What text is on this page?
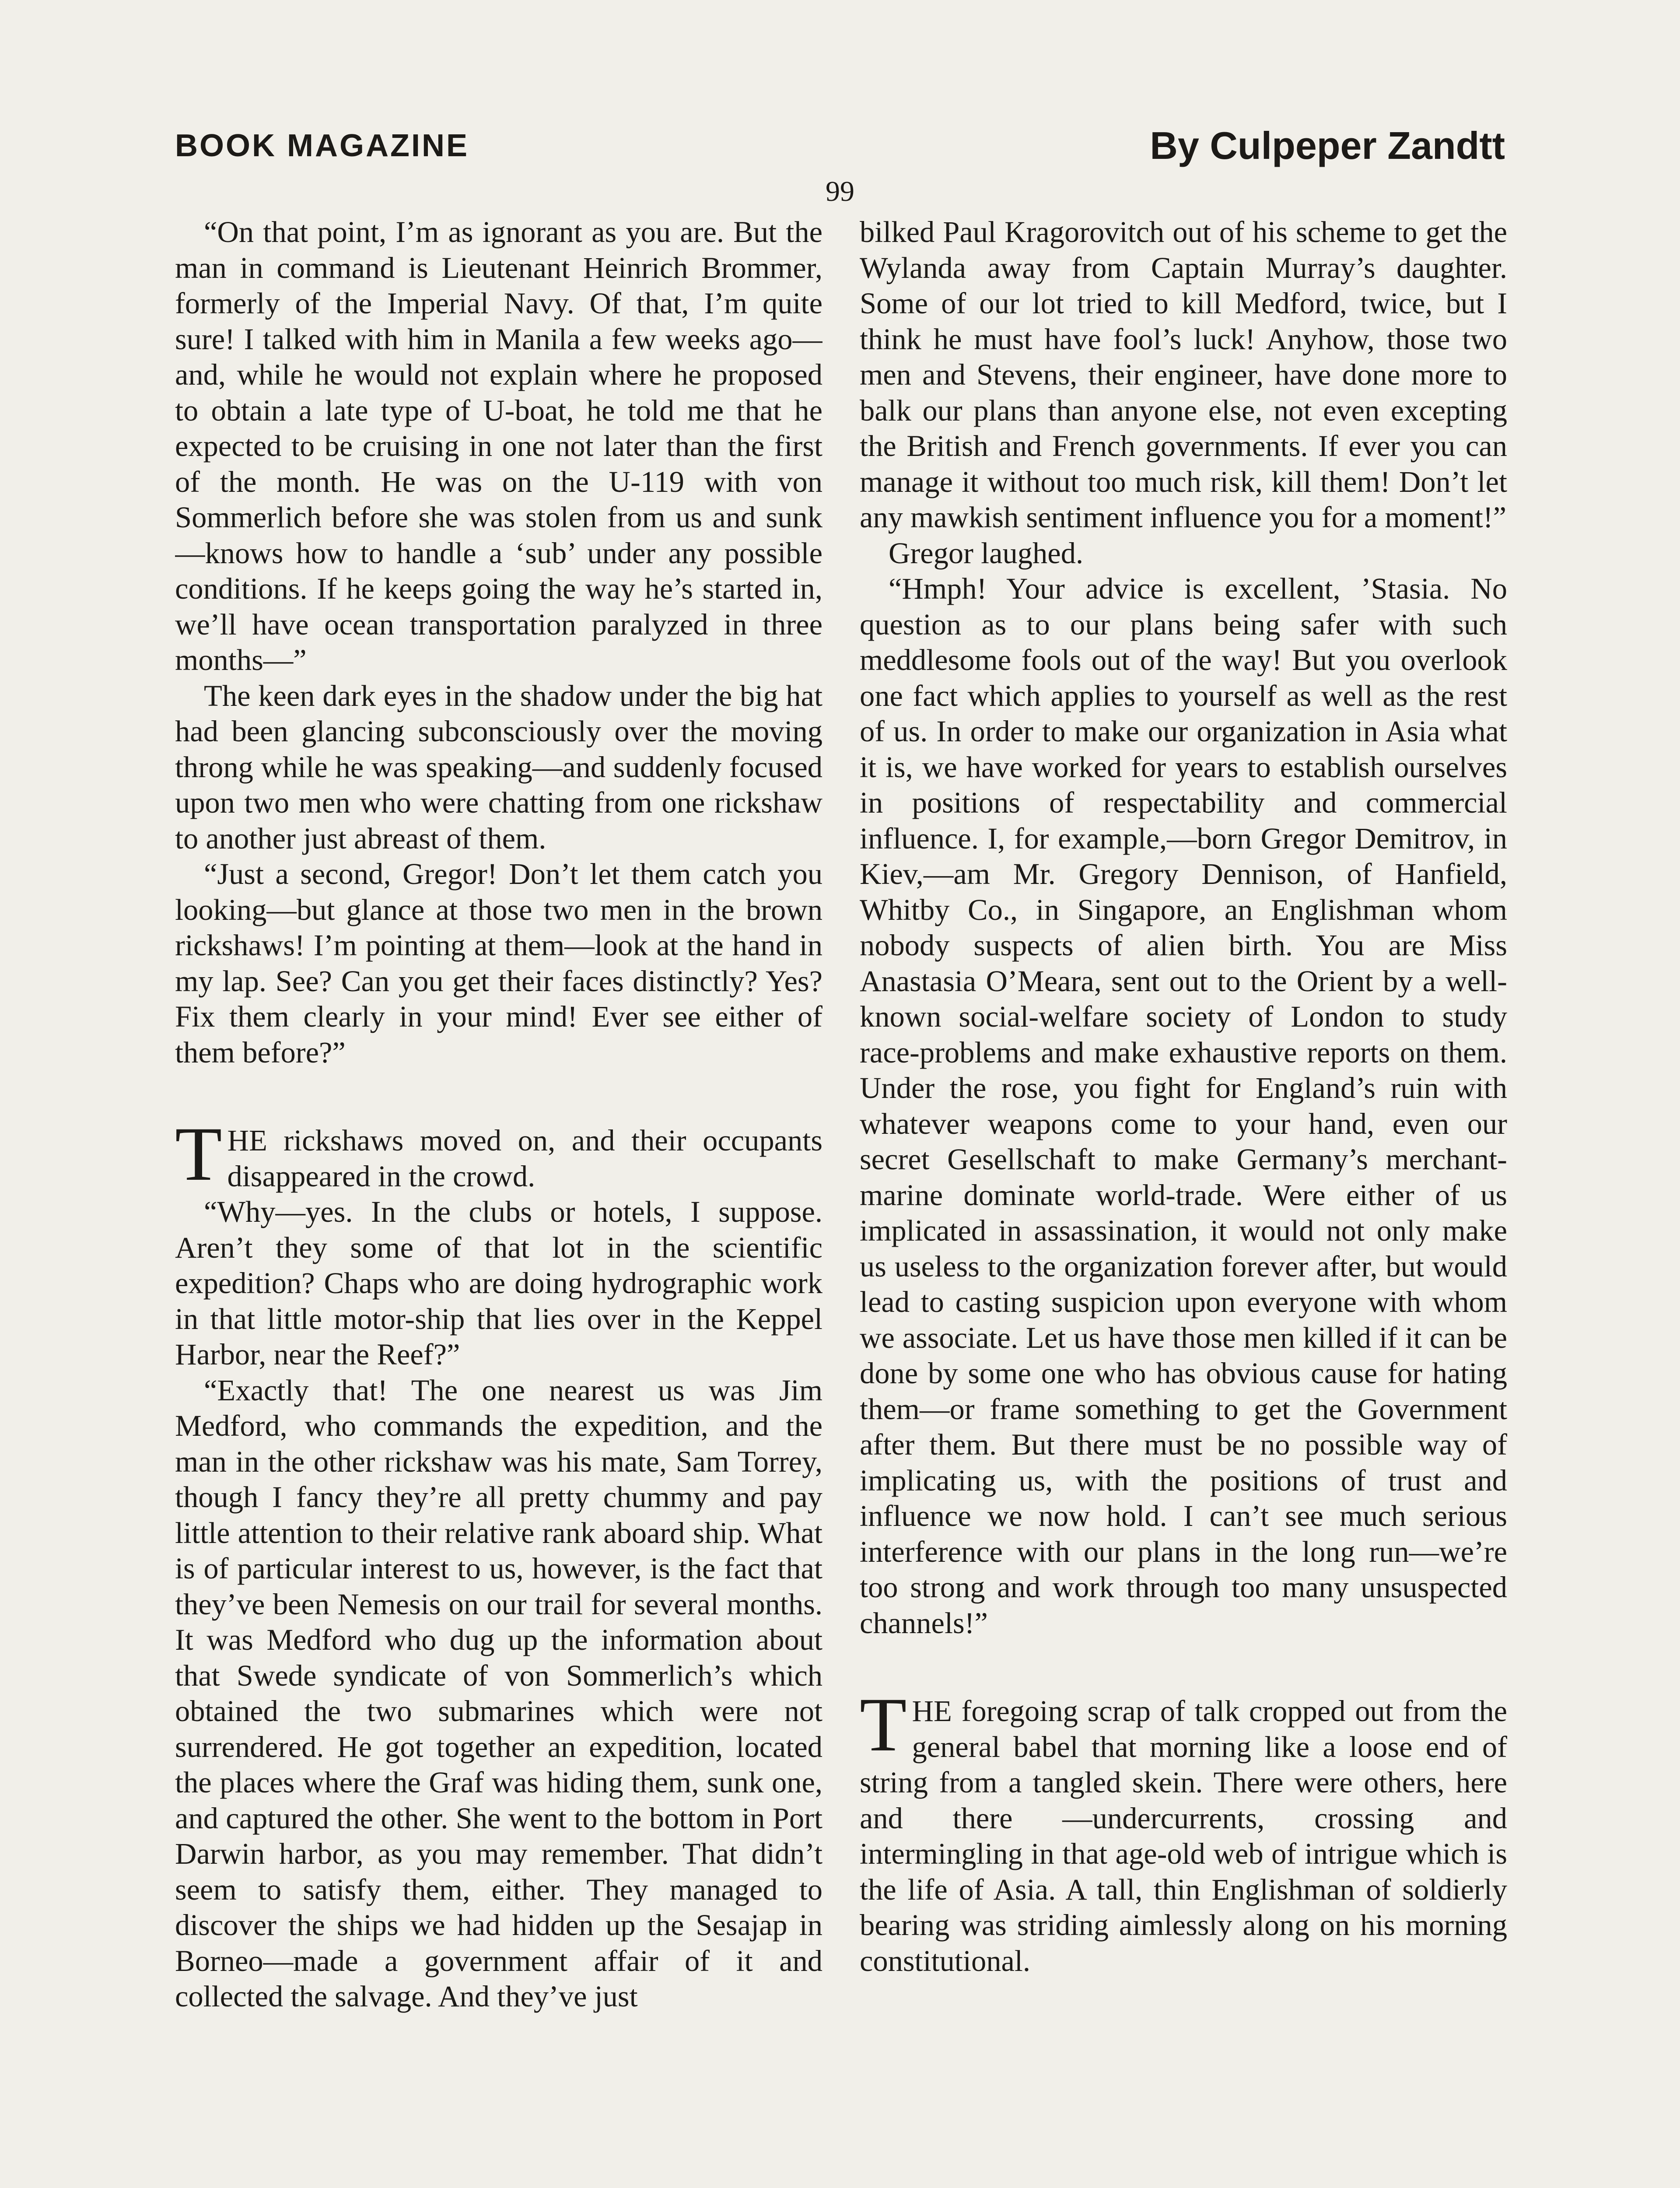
BOOK MAGAZINE	By Culpeper Zandtt
99

“On that point, I’m as ignorant as you are. But the man in command is Lieutenant Heinrich Brommer, formerly of the Imperial Navy. Of that, I’m quite sure! I talked with him in Manila a few weeks ago—and, while he would not explain where he proposed to obtain a late type of U-boat, he told me that he expected to be cruising in one not later than the first of the month. He was on the U-119 with von Sommerlich before she was stolen from us and sunk —knows how to handle a ‘sub’ under any possible conditions. If he keeps going the way he’s started in, we’ll have ocean transportation paralyzed in three months—”

The keen dark eyes in the shadow under the big hat had been glancing subconsciously over the moving throng while he was speaking—and suddenly focused upon two men who were chatting from one rickshaw to another just abreast of them.

“Just a second, Gregor! Don’t let them catch you looking—but glance at those two men in the brown rickshaws! I’m pointing at them—look at the hand in my lap. See? Can you get their faces distinctly? Yes? Fix them clearly in your mind! Ever see either of them before?”

THE rickshaws moved on, and their occupants disappeared in the crowd.

“Why—yes. In the clubs or hotels, I suppose. Aren’t they some of that lot in the scientific expedition? Chaps who are doing hydrographic work in that little motor-ship that lies over in the Keppel Harbor, near the Reef?”

“Exactly that! The one nearest us was Jim Medford, who commands the expedition, and the man in the other rickshaw was his mate, Sam Torrey, though I fancy they’re all pretty chummy and pay little attention to their relative rank aboard ship. What is of particular interest to us, however, is the fact that they’ve been Nemesis on our trail for several months. It was Medford who dug up the information about that Swede syndicate of von Sommerlich’s which obtained the two submarines which were not surrendered. He got together an expedition, located the places where the Graf was hiding them, sunk one, and captured the other. She went to the bottom in Port Darwin harbor, as you may remember. That didn’t seem to satisfy them, either. They managed to discover the ships we had hidden up the Sesajap in Borneo—made a government affair of it and collected the salvage. And they’ve just

bilked Paul Kragorovitch out of his scheme to get the Wylanda away from Captain Murray’s daughter. Some of our lot tried to kill Medford, twice, but I think he must have fool’s luck! Anyhow, those two men and Stevens, their engineer, have done more to balk our plans than anyone else, not even excepting the British and French governments. If ever you can manage it without too much risk, kill them! Don’t let any mawkish sentiment influence you for a moment!”

Gregor laughed.

“Hmph! Your advice is excellent, ’Stasia. No question as to our plans being safer with such meddlesome fools out of the way! But you overlook one fact which applies to yourself as well as the rest of us. In order to make our organization in Asia what it is, we have worked for years to establish ourselves in positions of respectability and commercial influence. I, for example,—born Gregor Demitrov, in Kiev,—am Mr. Gregory Dennison, of Hanfield, Whitby Co., in Singapore, an Englishman whom nobody suspects of alien birth. You are Miss Anastasia O’Meara, sent out to the Orient by a well-known social-welfare society of London to study race-problems and make exhaustive reports on them. Under the rose, you fight for England’s ruin with whatever weapons come to your hand, even our secret Gesellschaft to make Germany’s merchant-marine dominate world-trade. Were either of us implicated in assassination, it would not only make us useless to the organization forever after, but would lead to casting suspicion upon everyone with whom we associate. Let us have those men killed if it can be done by some one who has obvious cause for hating them—or frame something to get the Government after them. But there must be no possible way of implicating us, with the positions of trust and influence we now hold. I can’t see much serious interference with our plans in the long run—we’re too strong and work through too many unsuspected channels!”

THE foregoing scrap of talk cropped out from the general babel that morning like a loose end of string from a tangled skein. There were others, here and there —undercurrents, crossing and intermingling in that age-old web of intrigue which is the life of Asia. A tall, thin Englishman of soldierly bearing was striding aimlessly along on his morning constitutional.
